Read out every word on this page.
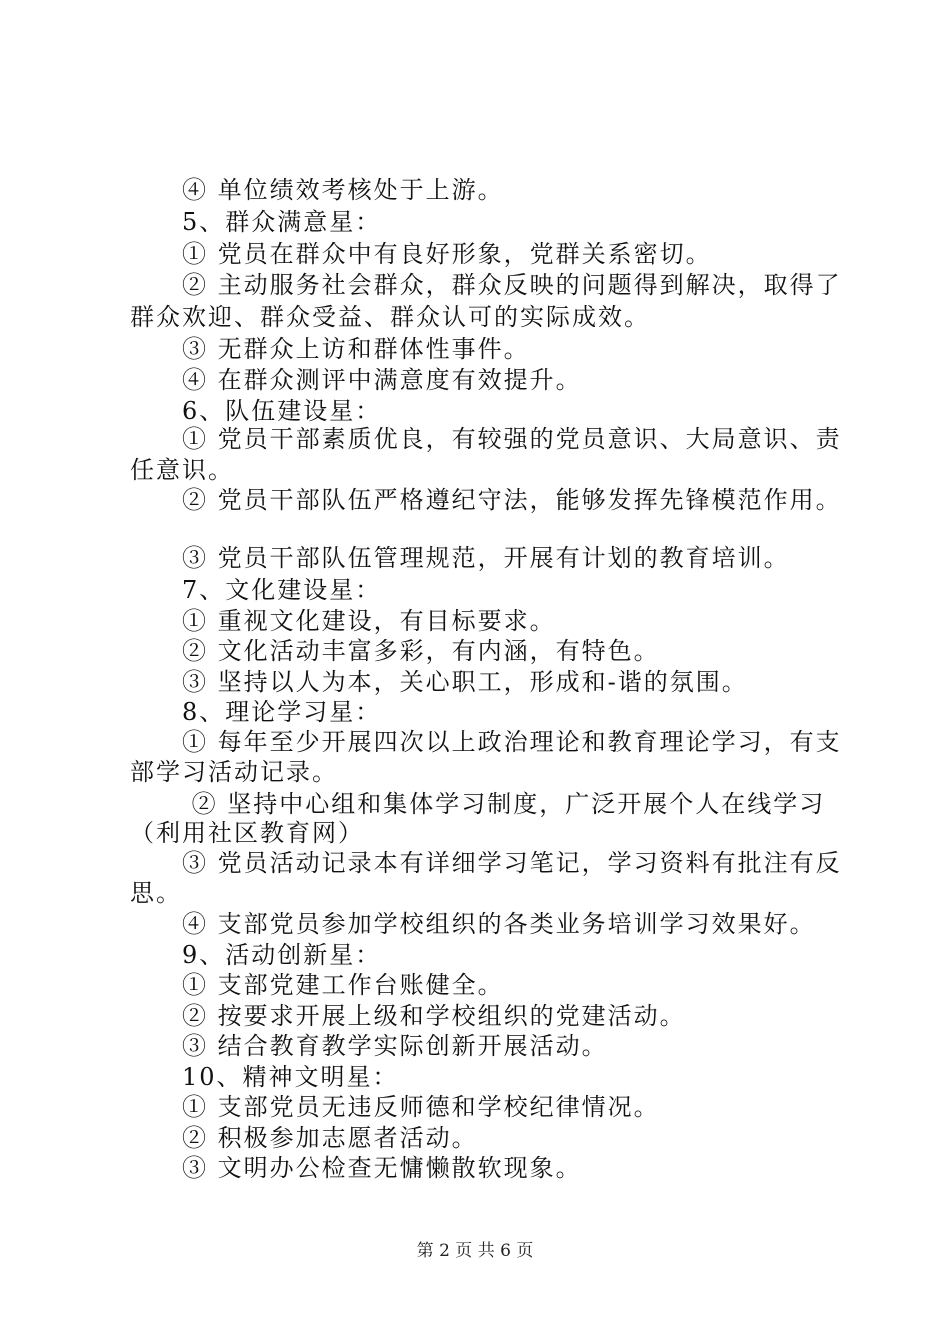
　　④ 单位绩效考核处于上游。
　　5、群众满意星：
　　① 党员在群众中有良好形象，党群关系密切。
　　② 主动服务社会群众，群众反映的问题得到解决，取得了
群众欢迎、群众受益、群众认可的实际成效。
　　③ 无群众上访和群体性事件。
　　④ 在群众测评中满意度有效提升。
　　6、队伍建设星：
　　① 党员干部素质优良，有较强的党员意识、大局意识、责
任意识。
　　② 党员干部队伍严格遵纪守法，能够发挥先锋模范作用。
　　③ 党员干部队伍管理规范，开展有计划的教育培训。
　　7、文化建设星：
　　① 重视文化建设，有目标要求。
　　② 文化活动丰富多彩，有内涵，有特色。
　　③ 坚持以人为本，关心职工，形成和-谐的氛围。
　　8、理论学习星：
　　① 每年至少开展四次以上政治理论和教育理论学习，有支
部学习活动记录。
　　 ② 坚持中心组和集体学习制度，广泛开展个人在线学习
（利用社区教育网）
　　③ 党员活动记录本有详细学习笔记，学习资料有批注有反
思。
　　④ 支部党员参加学校组织的各类业务培训学习效果好。
　　9、活动创新星：
　　① 支部党建工作台账健全。
　　② 按要求开展上级和学校组织的党建活动。
　　③ 结合教育教学实际创新开展活动。
　　10、精神文明星：
　　① 支部党员无违反师德和学校纪律情况。
　　② 积极参加志愿者活动。
　　③ 文明办公检查无慵懒散软现象。
第 2 页 共 6 页
